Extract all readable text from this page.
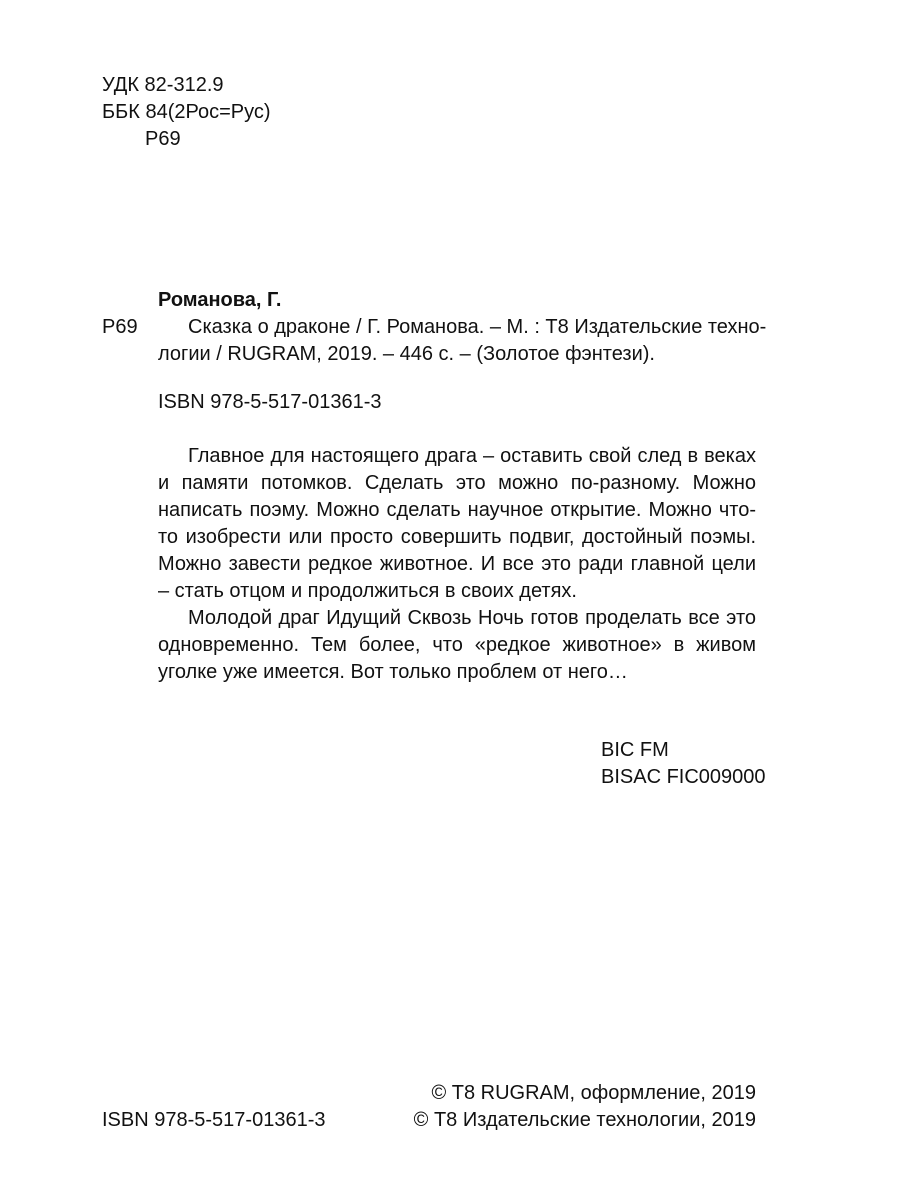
УДК 82-312.9
ББК 84(2Рос=Рус)
Р69
Романова, Г.
Р69	Сказка о драконе / Г. Романова. – М. : Т8 Издательские техно-
логии / RUGRAM, 2019. – 446 с. – (Золотое фэнтези).
ISBN 978-5-517-01361-3

Главное для настоящего драга – оставить свой след в веках и памяти потомков. Сделать это можно по-разному. Можно написать поэму. Можно сделать научное открытие. Можно что-то изобрести или просто совершить подвиг, достойный поэмы. Можно завести редкое животное. И все это ради главной цели – стать отцом и продолжиться в своих детях.

Молодой драг Идущий Сквозь Ночь готов проделать все это одновременно. Тем более, что «редкое животное» в живом уголке уже имеется. Вот только проблем от него…

BIC FM
BISAC FIC009000
ISBN 978-5-517-01361-3
© Т8 RUGRAM, оформление, 2019
© Т8 Издательские технологии, 2019
